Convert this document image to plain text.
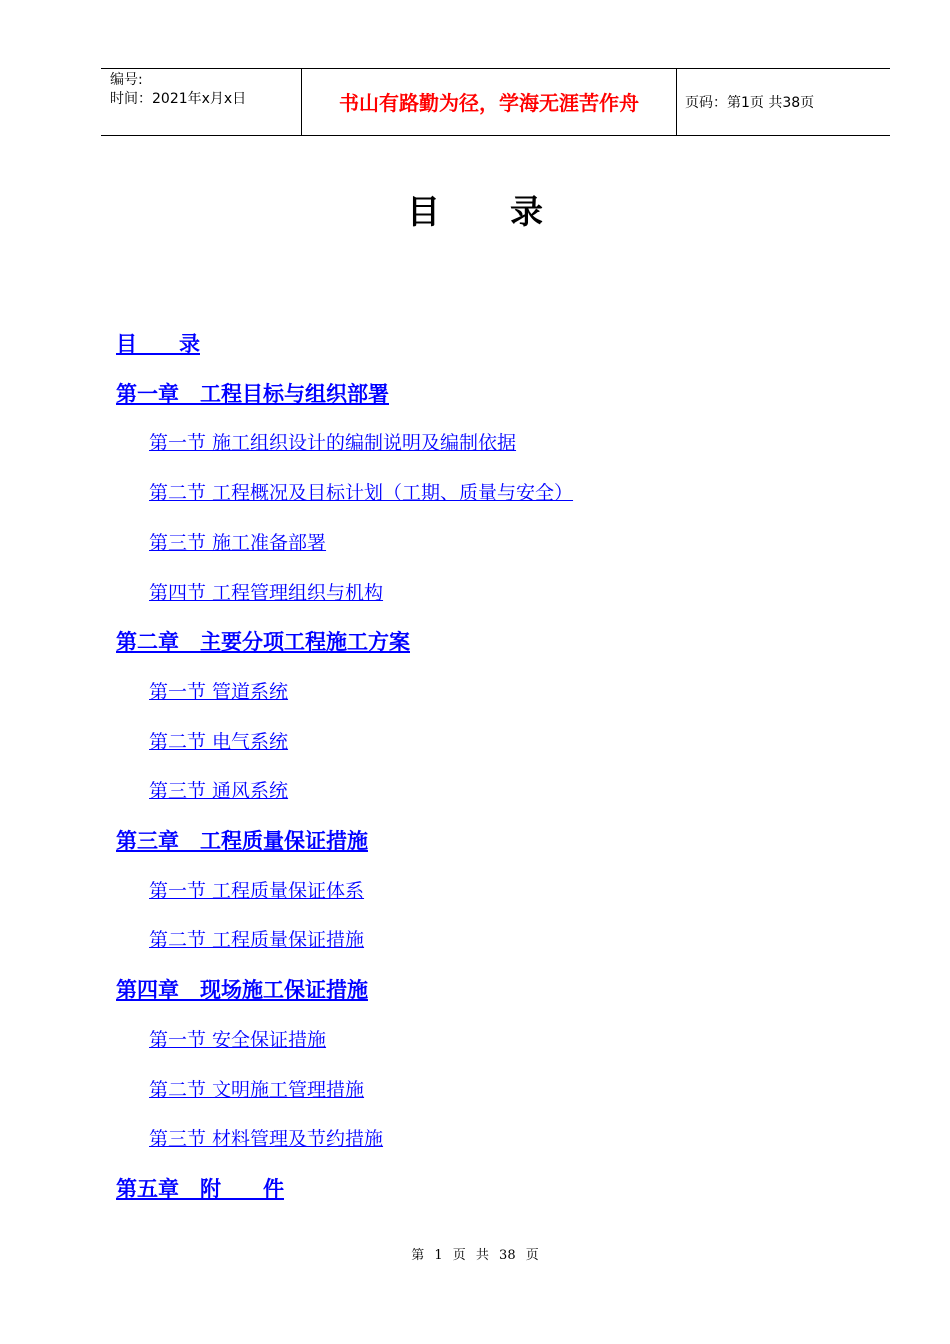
编号:
时间：2021年x月x日	书山有路勤为径，学海无涯苦作舟	页码：第1页 共38页
目录
目　　录
第一章　工程目标与组织部署
第一节 施工组织设计的编制说明及编制依据
第二节 工程概况及目标计划（工期、质量与安全）
第三节 施工准备部署
第四节 工程管理组织与机构
第二章　主要分项工程施工方案
第一节 管道系统
第二节 电气系统
第三节 通风系统
第三章　工程质量保证措施
第一节 工程质量保证体系
第二节 工程质量保证措施
第四章　现场施工保证措施
第一节 安全保证措施
第二节 文明施工管理措施
第三节 材料管理及节约措施
第五章　附　　件
第 1 页 共 38 页
